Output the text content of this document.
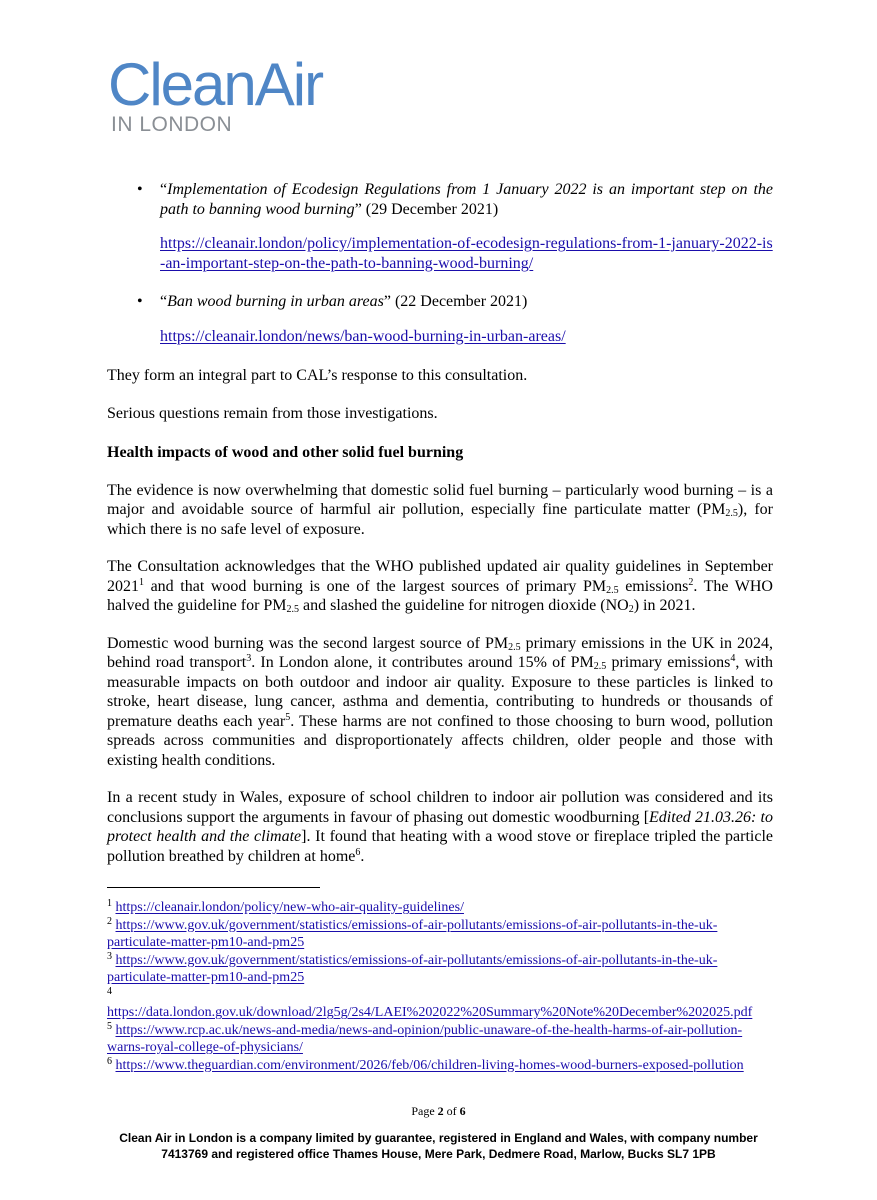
CleanAir
IN LONDON
• “Implementation of Ecodesign Regulations from 1 January 2022 is an important step on the path to banning wood burning” (29 December 2021)

https://cleanair.london/policy/implementation-of-ecodesign-regulations-from-1-january-2022-is-an-important-step-on-the-path-to-banning-wood-burning/
• “Ban wood burning in urban areas” (22 December 2021)

https://cleanair.london/news/ban-wood-burning-in-urban-areas/

They form an integral part to CAL’s response to this consultation.

Serious questions remain from those investigations.

Health impacts of wood and other solid fuel burning

The evidence is now overwhelming that domestic solid fuel burning – particularly wood burning – is a major and avoidable source of harmful air pollution, especially fine particulate matter $(PM_{2.5})$, for which there is no safe level of exposure.

The Consultation acknowledges that the WHO published updated air quality guidelines in September 2021$^1$ and that wood burning is one of the largest sources of primary $PM_{2.5}$ emissions$^2$. The WHO halved the guideline for $PM_{2.5}$ and slashed the guideline for nitrogen dioxide $(NO_2)$ in 2021.

Domestic wood burning was the second largest source of $PM_{2.5}$ primary emissions in the UK in 2024, behind road transport$^3$. In London alone, it contributes around 15% of $PM_{2.5}$ primary emissions$^4$, with measurable impacts on both outdoor and indoor air quality. Exposure to these particles is linked to stroke, heart disease, lung cancer, asthma and dementia, contributing to hundreds or thousands of premature deaths each year$^5$. These harms are not confined to those choosing to burn wood, pollution spreads across communities and disproportionately affects children, older people and those with existing health conditions.

In a recent study in Wales, exposure of school children to indoor air pollution was considered and its conclusions support the arguments in favour of phasing out domestic woodburning [Edited 21.03.26: to protect health and the climate]. It found that heating with a wood stove or fireplace tripled the particle pollution breathed by children at home$^6$.

$^1$ https://cleanair.london/policy/new-who-air-quality-guidelines/
$^2$ https://www.gov.uk/government/statistics/emissions-of-air-pollutants/emissions-of-air-pollutants-in-the-uk-particulate-matter-pm10-and-pm25
$^3$ https://www.gov.uk/government/statistics/emissions-of-air-pollutants/emissions-of-air-pollutants-in-the-uk-particulate-matter-pm10-and-pm25
$^4$
https://data.london.gov.uk/download/2lg5g/2s4/LAEI%202022%20Summary%20Note%20December%202025.pdf
$^5$ https://www.rcp.ac.uk/news-and-media/news-and-opinion/public-unaware-of-the-health-harms-of-air-pollution-warns-royal-college-of-physicians/
$^6$ https://www.theguardian.com/environment/2026/feb/06/children-living-homes-wood-burners-exposed-pollution
Page 2 of 6
Clean Air in London is a company limited by guarantee, registered in England and Wales, with company number
7413769 and registered office Thames House, Mere Park, Dedmere Road, Marlow, Bucks SL7 1PB
